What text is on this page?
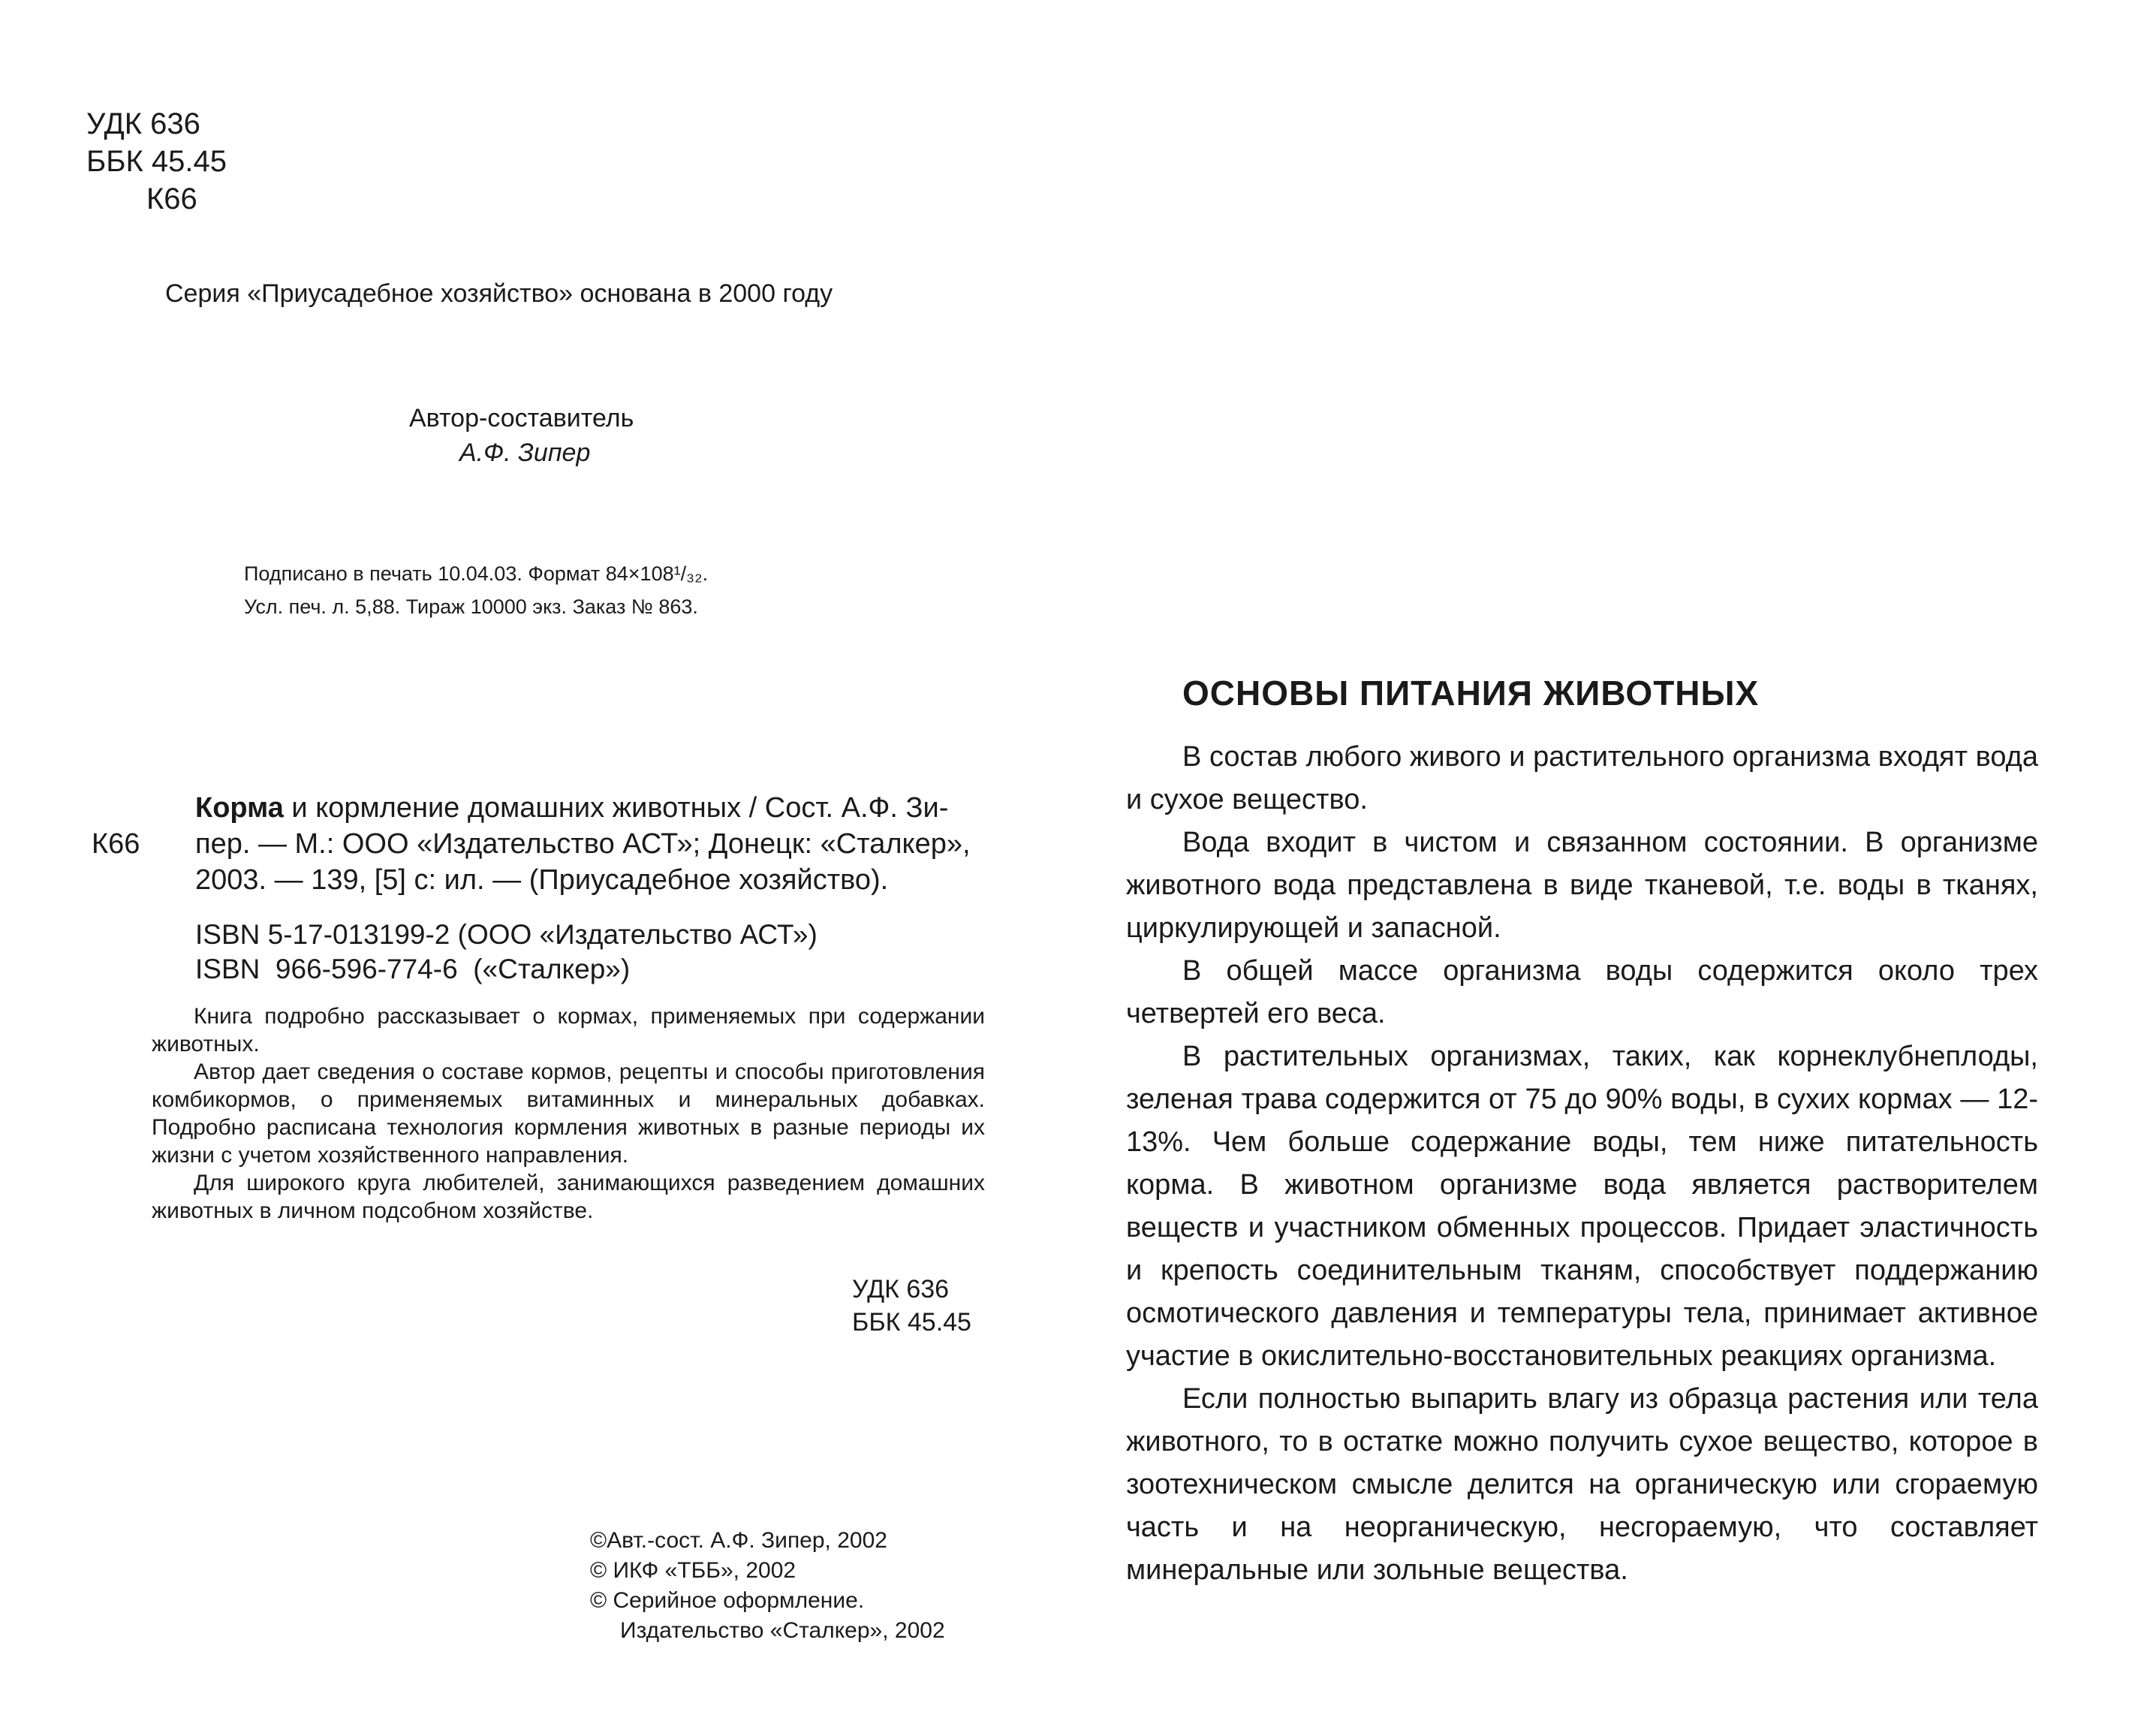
УДК 636
ББК 45.45
К66
Серия «Приусадебное хозяйство» основана в 2000 году
Автор-составитель
А.Ф. Зипер
Подписано в печать 10.04.03. Формат 84×108¹/₃₂.
Усл. печ. л. 5,88. Тираж 10000 экз. Заказ № 863.
Корма и кормление домашних животных / Сост. А.Ф. Зи-
К66 пер. — М.: ООО «Издательство АСТ»; Донецк: «Сталкер»,
2003. — 139, [5] с: ил. — (Приусадебное хозяйство).
ISBN 5-17-013199-2 (ООО «Издательство АСТ»)
ISBN  966-596-774-6  («Сталкер»)

Книга подробно рассказывает о кормах, применяемых при содержании животных.

Автор дает сведения о составе кормов, рецепты и способы приготовления комбикормов, о применяемых витаминных и минеральных добавках. Подробно расписана технология кормления животных в разные периоды их жизни с учетом хозяйственного направления.

Для широкого круга любителей, занимающихся разведением домашних животных в личном подсобном хозяйстве.

УДК 636
ББК 45.45
©Авт.-сост. А.Ф. Зипер, 2002
© ИКФ «ТББ», 2002
© Серийное оформление.
Издательство «Сталкер», 2002
ОСНОВЫ ПИТАНИЯ ЖИВОТНЫХ

В состав любого живого и растительного организма входят вода и сухое вещество.

Вода входит в чистом и связанном состоянии. В организме животного вода представлена в виде тканевой, т.е. воды в тканях, циркулирующей и запасной.

В общей массе организма воды содержится около трех четвертей его веса.

В растительных организмах, таких, как корнеклубнеплоды, зеленая трава содержится от 75 до 90% воды, в сухих кормах — 12-13%. Чем больше содержание воды, тем ниже питательность корма. В животном организме вода является растворителем веществ и участником обменных процессов. Придает эластичность и крепость соединительным тканям, способствует поддержанию осмотического давления и температуры тела, принимает активное участие в окислительно-восстановительных реакциях организма.

Если полностью выпарить влагу из образца растения или тела животного, то в остатке можно получить сухое вещество, которое в зоотехническом смысле делится на органическую или сгораемую часть и на неорганическую, несгораемую, что составляет минеральные или зольные вещества.
